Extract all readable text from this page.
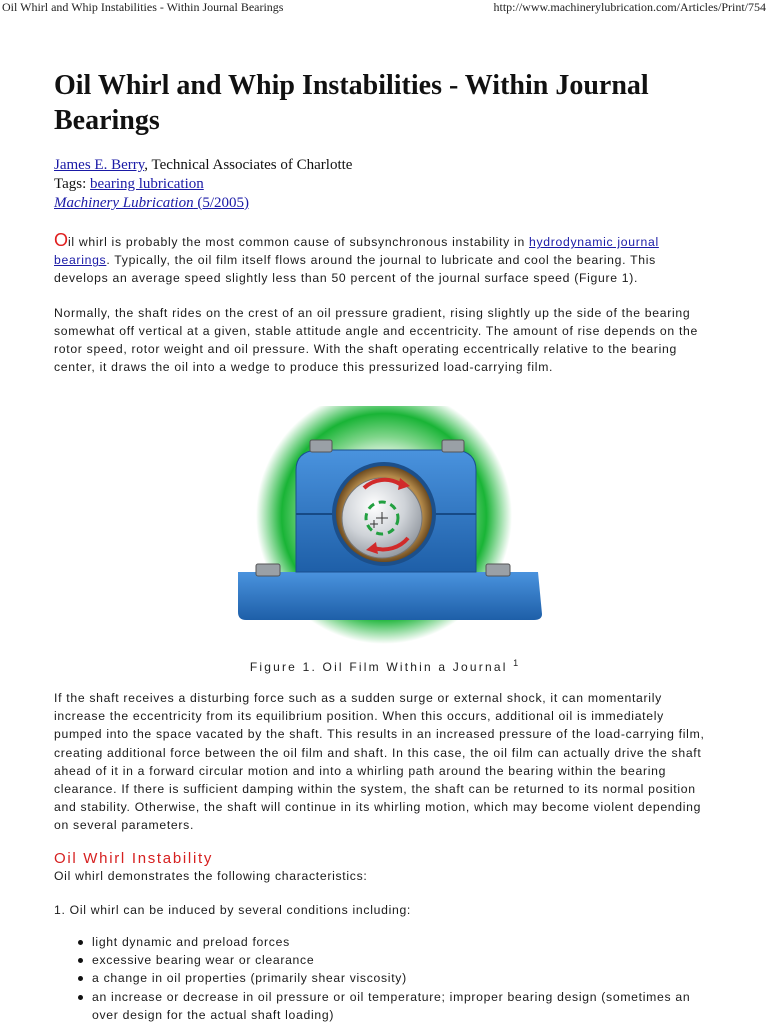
Oil Whirl and Whip Instabilities - Within Journal Bearings	http://www.machinerylubrication.com/Articles/Print/754
Oil Whirl and Whip Instabilities - Within Journal Bearings
James E. Berry, Technical Associates of Charlotte
Tags: bearing lubrication
Machinery Lubrication (5/2005)

Oil whirl is probably the most common cause of subsynchronous instability in hydrodynamic journal bearings. Typically, the oil film itself flows around the journal to lubricate and cool the bearing. This develops an average speed slightly less than 50 percent of the journal surface speed (Figure 1).

Normally, the shaft rides on the crest of an oil pressure gradient, rising slightly up the side of the bearing somewhat off vertical at a given, stable attitude angle and eccentricity. The amount of rise depends on the rotor speed, rotor weight and oil pressure. With the shaft operating eccentrically relative to the bearing center, it draws the oil into a wedge to produce this pressurized load-carrying film.

Figure 1. Oil Film Within a Journal $^1$

If the shaft receives a disturbing force such as a sudden surge or external shock, it can momentarily increase the eccentricity from its equilibrium position. When this occurs, additional oil is immediately pumped into the space vacated by the shaft. This results in an increased pressure of the load-carrying film, creating additional force between the oil film and shaft. In this case, the oil film can actually drive the shaft ahead of it in a forward circular motion and into a whirling path around the bearing within the bearing clearance. If there is sufficient damping within the system, the shaft can be returned to its normal position and stability. Otherwise, the shaft will continue in its whirling motion, which may become violent depending on several parameters.

Oil Whirl Instability

Oil whirl demonstrates the following characteristics:

1. Oil whirl can be induced by several conditions including:

light dynamic and preload forces
excessive bearing wear or clearance
a change in oil properties (primarily shear viscosity)
an increase or decrease in oil pressure or oil temperature; improper bearing design (sometimes an over design for the actual shaft loading)
